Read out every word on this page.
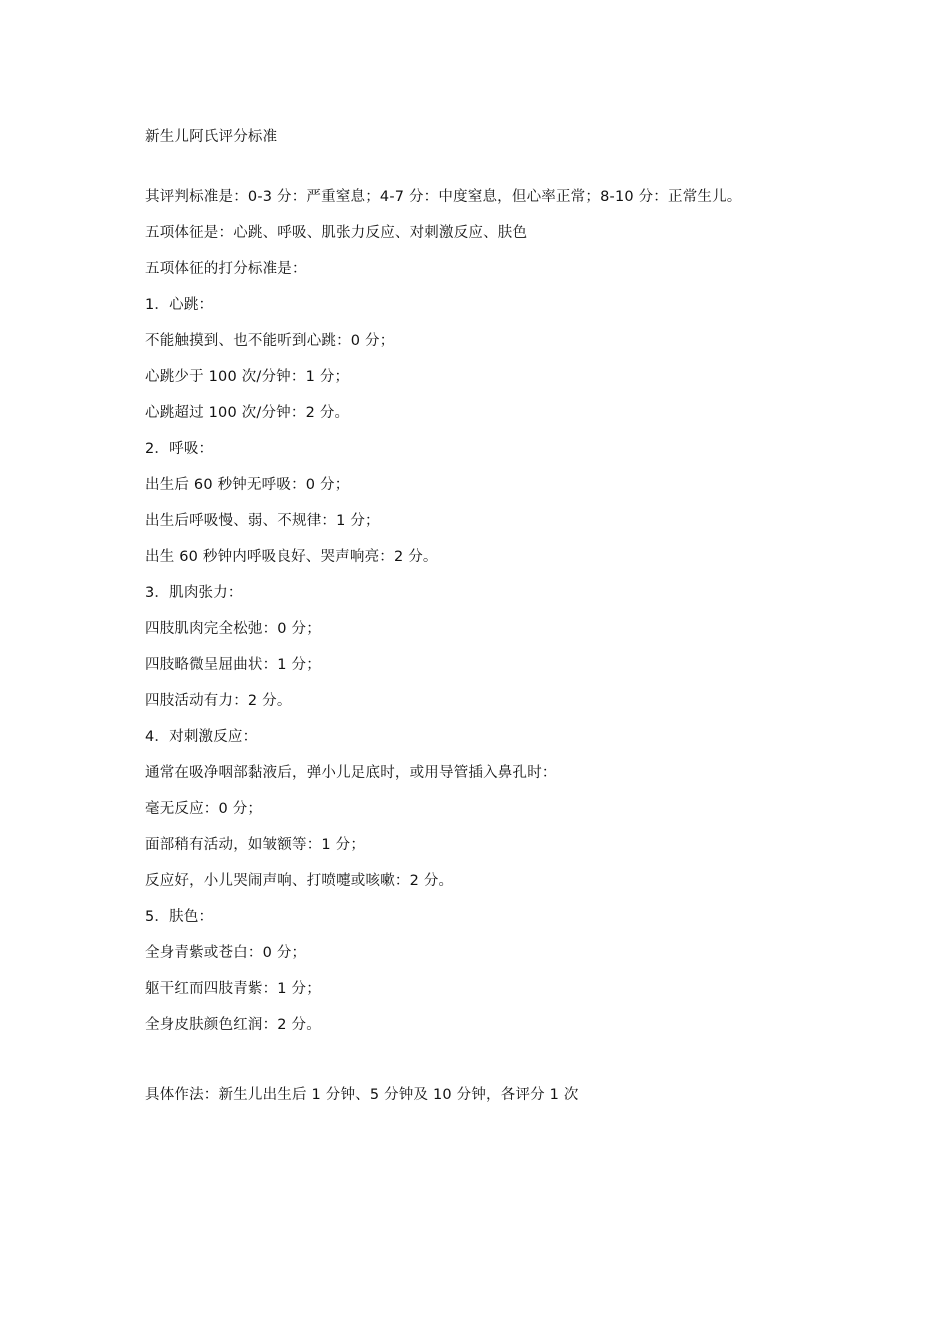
新生儿阿氏评分标准
其评判标准是：0-3 分：严重窒息；4-7 分：中度窒息，但心率正常；8-10 分：正常生儿。
五项体征是：心跳、呼吸、肌张力反应、对刺激反应、肤色
五项体征的打分标准是：
1．心跳：
不能触摸到、也不能听到心跳：0 分；
心跳少于 100 次/分钟：1 分；
心跳超过 100 次/分钟：2 分。
2．呼吸：
出生后 60 秒钟无呼吸：0 分；
出生后呼吸慢、弱、不规律：1 分；
出生 60 秒钟内呼吸良好、哭声响亮：2 分。
3．肌肉张力：
四肢肌肉完全松弛：0 分；
四肢略微呈屈曲状：1 分；
四肢活动有力：2 分。
4．对刺激反应：
通常在吸净咽部黏液后，弹小儿足底时，或用导管插入鼻孔时：
毫无反应：0 分；
面部稍有活动，如皱额等：1 分；
反应好，小儿哭闹声响、打喷嚏或咳嗽：2 分。
5．肤色：
全身青紫或苍白：0 分；
躯干红而四肢青紫：1 分；
全身皮肤颜色红润：2 分。
具体作法：新生儿出生后 1 分钟、5 分钟及 10 分钟，各评分 1 次
